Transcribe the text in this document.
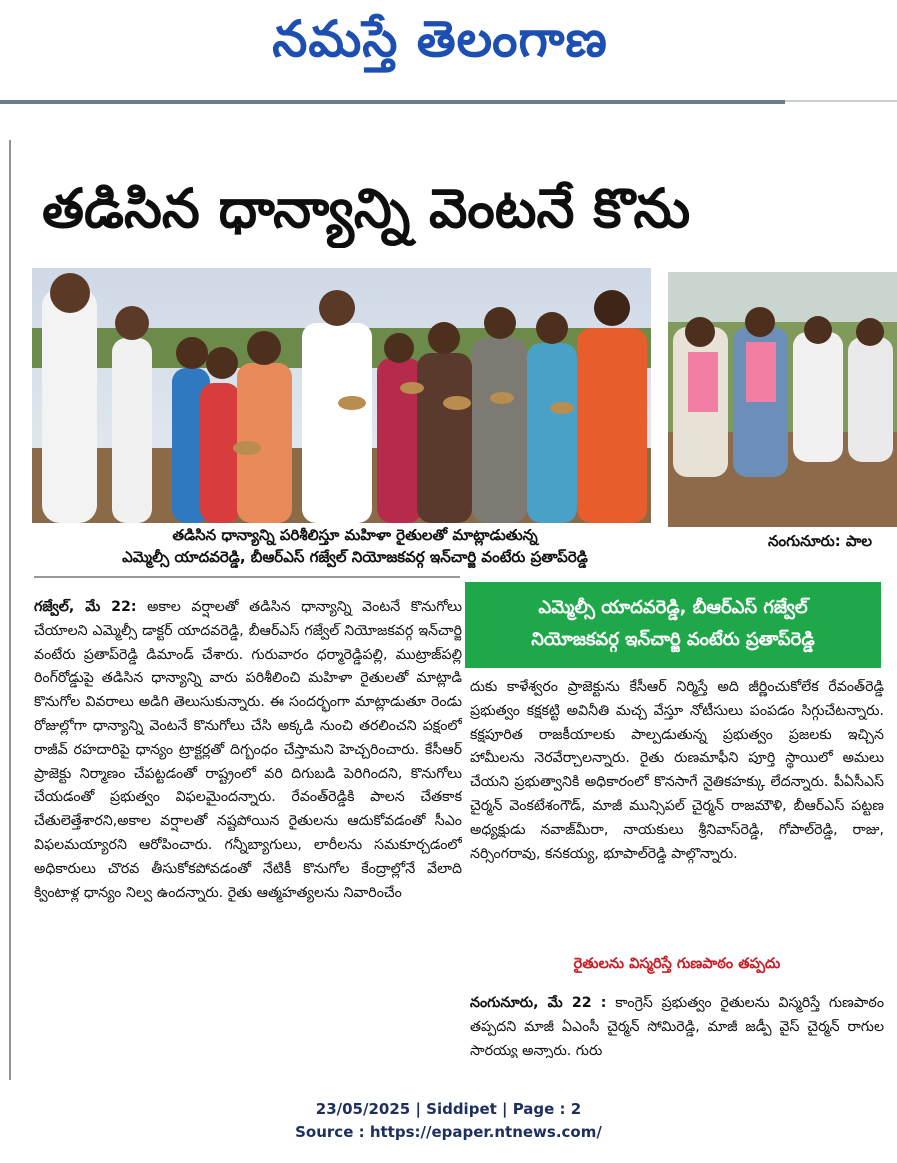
నమస్తే తెలంగాణ
తడిసిన ధాన్యాన్ని వెంటనే కొను
తడిసిన ధాన్యాన్ని పరిశీలిస్తూ మహిళా రైతులతో మాట్లాడుతున్న
ఎమ్మెల్సీ యాదవరెడ్డి, బీఆర్ఎస్ గజ్వేల్ నియోజకవర్గ ఇన్‌చార్జి వంటేరు ప్రతాప్‌రెడ్డి
నంగునూరు: పాల

గజ్వేల్, మే 22: అకాల వర్షాలతో తడిసిన ధాన్యాన్ని వెంటనే కొనుగోలు చేయాలని ఎమ్మెల్సీ డాక్టర్ యాదవరెడ్డి, బీఆర్ఎస్ గజ్వేల్ నియోజకవర్గ ఇన్‌చార్జి వంటేరు ప్రతాప్‌రెడ్డి డిమాండ్ చేశారు. గురువారం ధర్మారెడ్డిపల్లి, ముట్రాజ్‌పల్లి రింగ్‌రోడ్డుపై తడిసిన ధాన్యాన్ని వారు పరిశీలించి మహిళా రైతులతో మాట్లాడి కొనుగోల వివరాలు అడిగి తెలుసుకున్నారు. ఈ సందర్భంగా మాట్లాడుతూ రెండు రోజుల్లోగా ధాన్యాన్ని వెంటనే కొనుగోలు చేసి అక్కడి నుంచి తరలించని పక్షంలో రాజీవ్ రహదారిపై ధాన్యం ట్రాక్టర్లతో దిగ్బంధం చేస్తామని హెచ్చరించారు. కేసీఆర్ ప్రాజెక్టు నిర్మాణం చేపట్టడంతో రాష్ట్రంలో వరి దిగుబడి పెరిగిందని, కొనుగోలు చేయడంతో ప్రభుత్వం విఫలమైందన్నారు. రేవంత్‌రెడ్డికి పాలన చేతకాక చేతులెత్తేశారని,అకాల వర్షాలతో నష్టపోయిన రైతులను ఆదుకోవడంతో సీఎం విఫలమయ్యారని ఆరోపించారు. గన్నీబ్యాగులు, లారీలను సమకూర్చడంలో అధికారులు చొరవ తీసుకోకపోవడంతో నేటికీ కొనుగోల కేంద్రాల్లోనే వేలాది క్వింటాళ్ల ధాన్యం నిల్వ ఉందన్నారు. రైతు ఆత్మహత్యలను నివారించేం

ఎమ్మెల్సీ యాదవరెడ్డి, బీఆర్ఎస్ గజ్వేల్
నియోజకవర్గ ఇన్‌చార్జి వంటేరు ప్రతాప్‌రెడ్డి

దుకు కాళేశ్వరం ప్రాజెక్టును కేసీఆర్ నిర్మిస్తే అది జీర్ణించుకోలేక రేవంత్‌రెడ్డి ప్రభుత్వం కక్షకట్టి అవినీతి మచ్చ వేస్తూ నోటీసులు పంపడం సిగ్గుచేటన్నారు. కక్షపూరిత రాజకీయాలకు పాల్పడుతున్న ప్రభుత్వం ప్రజలకు ఇచ్చిన హామీలను నెరవేర్చాలన్నారు. రైతు రుణమాఫీని పూర్తి స్థాయిలో అమలు చేయని ప్రభుత్వానికి అధికారంలో కొనసాగే నైతికహక్కు లేదన్నారు. పీఏసీఎస్ చైర్మన్ వెంకటేశంగౌడ్, మాజీ మున్సిపల్ చైర్మన్ రాజమౌళి, బీఆర్ఎస్ పట్టణ అధ్యక్షుడు నవాజ్‌మీరా, నాయకులు శ్రీనివాస్‌రెడ్డి, గోపాల్‌రెడ్డి, రాజు, నర్సింగరావు, కనకయ్య, భూపాల్‌రెడ్డి పాల్గొన్నారు.

రైతులను విస్మరిస్తే గుణపాఠం తప్పదు

నంగునూరు, మే 22 : కాంగ్రెస్ ప్రభుత్వం రైతులను విస్మరిస్తే గుణపాఠం తప్పదని మాజీ ఏఎంసీ చైర్మన్ సోమిరెడ్డి, మాజీ జడ్పీ వైస్ చైర్మన్ రాగుల సారయ్య అన్నారు. గురు

23/05/2025 | Siddipet | Page : 2
Source : https://epaper.ntnews.com/
